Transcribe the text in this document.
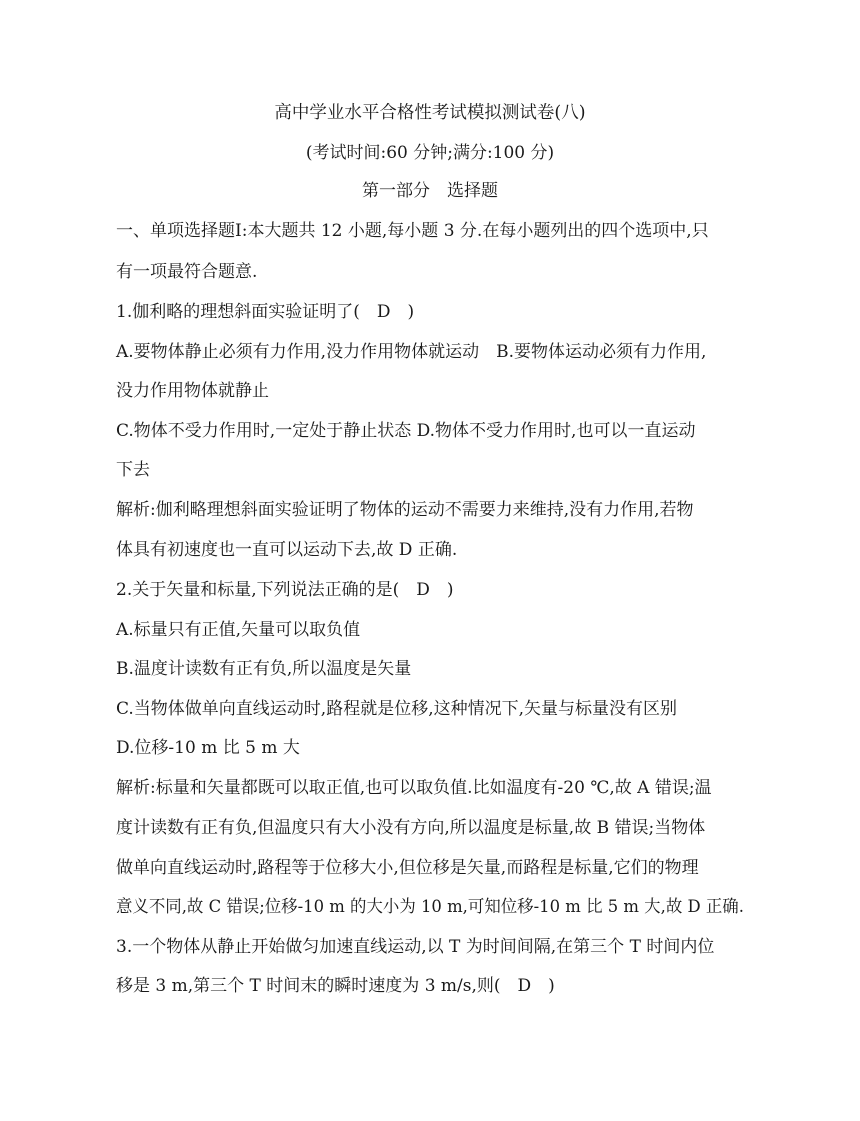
高中学业水平合格性考试模拟测试卷(八)
(考试时间:60 分钟;满分:100 分)
第一部分　选择题
一、单项选择题Ⅰ:本大题共 12 小题,每小题 3 分.在每小题列出的四个选项中,只
有一项最符合题意.
1.伽利略的理想斜面实验证明了(　D　)
A.要物体静止必须有力作用,没力作用物体就运动　B.要物体运动必须有力作用,
没力作用物体就静止
C.物体不受力作用时,一定处于静止状态 D.物体不受力作用时,也可以一直运动
下去
解析:伽利略理想斜面实验证明了物体的运动不需要力来维持,没有力作用,若物
体具有初速度也一直可以运动下去,故 D 正确.
2.关于矢量和标量,下列说法正确的是(　D　)
A.标量只有正值,矢量可以取负值
B.温度计读数有正有负,所以温度是矢量
C.当物体做单向直线运动时,路程就是位移,这种情况下,矢量与标量没有区别
D.位移-10 m 比 5 m 大
解析:标量和矢量都既可以取正值,也可以取负值.比如温度有-20 ℃,故 A 错误;温
度计读数有正有负,但温度只有大小没有方向,所以温度是标量,故 B 错误;当物体
做单向直线运动时,路程等于位移大小,但位移是矢量,而路程是标量,它们的物理
意义不同,故 C 错误;位移-10 m 的大小为 10 m,可知位移-10 m 比 5 m 大,故 D 正确.
3.一个物体从静止开始做匀加速直线运动,以 T 为时间间隔,在第三个 T 时间内位
移是 3 m,第三个 T 时间末的瞬时速度为 3 m/s,则(　D　)
